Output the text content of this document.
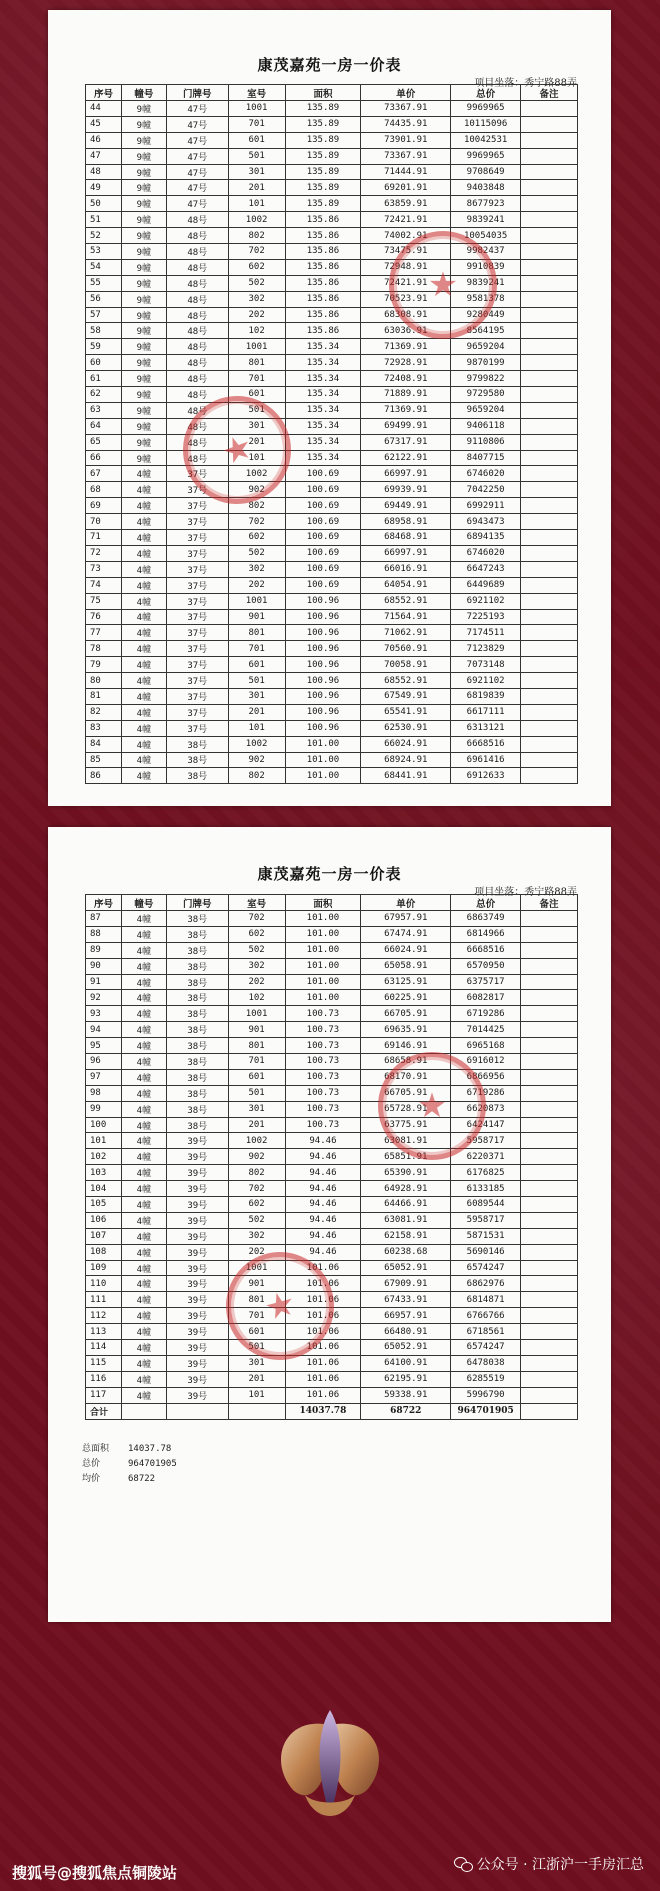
康茂嘉苑一房一价表
项目坐落：秀宁路88弄
序号	幢号	门牌号	室号	面积	单价	总价	备注
44	9幢	47号	1001	135.89	73367.91	9969965	
45	9幢	47号	701	135.89	74435.91	10115096	
46	9幢	47号	601	135.89	73901.91	10042531	
47	9幢	47号	501	135.89	73367.91	9969965	
48	9幢	47号	301	135.89	71444.91	9708649	
49	9幢	47号	201	135.89	69201.91	9403848	
50	9幢	47号	101	135.89	63859.91	8677923	
51	9幢	48号	1002	135.86	72421.91	9839241	
52	9幢	48号	802	135.86	74002.91	10054035	
53	9幢	48号	702	135.86	73475.91	9982437	
54	9幢	48号	602	135.86	72948.91	9910839	
55	9幢	48号	502	135.86	72421.91	9839241	
56	9幢	48号	302	135.86	70523.91	9581378	
57	9幢	48号	202	135.86	68308.91	9280449	
58	9幢	48号	102	135.86	63036.91	8564195	
59	9幢	48号	1001	135.34	71369.91	9659204	
60	9幢	48号	801	135.34	72928.91	9870199	
61	9幢	48号	701	135.34	72408.91	9799822	
62	9幢	48号	601	135.34	71889.91	9729580	
63	9幢	48号	501	135.34	71369.91	9659204	
64	9幢	48号	301	135.34	69499.91	9406118	
65	9幢	48号	201	135.34	67317.91	9110806	
66	9幢	48号	101	135.34	62122.91	8407715	
67	4幢	37号	1002	100.69	66997.91	6746020	
68	4幢	37号	902	100.69	69939.91	7042250	
69	4幢	37号	802	100.69	69449.91	6992911	
70	4幢	37号	702	100.69	68958.91	6943473	
71	4幢	37号	602	100.69	68468.91	6894135	
72	4幢	37号	502	100.69	66997.91	6746020	
73	4幢	37号	302	100.69	66016.91	6647243	
74	4幢	37号	202	100.69	64054.91	6449689	
75	4幢	37号	1001	100.96	68552.91	6921102	
76	4幢	37号	901	100.96	71564.91	7225193	
77	4幢	37号	801	100.96	71062.91	7174511	
78	4幢	37号	701	100.96	70560.91	7123829	
79	4幢	37号	601	100.96	70058.91	7073148	
80	4幢	37号	501	100.96	68552.91	6921102	
81	4幢	37号	301	100.96	67549.91	6819839	
82	4幢	37号	201	100.96	65541.91	6617111	
83	4幢	37号	101	100.96	62530.91	6313121	
84	4幢	38号	1002	101.00	66024.91	6668516	
85	4幢	38号	902	101.00	68924.91	6961416	
86	4幢	38号	802	101.00	68441.91	6912633	
★
★
康茂嘉苑一房一价表
项目坐落：秀宁路88弄
序号	幢号	门牌号	室号	面积	单价	总价	备注
87	4幢	38号	702	101.00	67957.91	6863749	
88	4幢	38号	602	101.00	67474.91	6814966	
89	4幢	38号	502	101.00	66024.91	6668516	
90	4幢	38号	302	101.00	65058.91	6570950	
91	4幢	38号	202	101.00	63125.91	6375717	
92	4幢	38号	102	101.00	60225.91	6082817	
93	4幢	38号	1001	100.73	66705.91	6719286	
94	4幢	38号	901	100.73	69635.91	7014425	
95	4幢	38号	801	100.73	69146.91	6965168	
96	4幢	38号	701	100.73	68658.91	6916012	
97	4幢	38号	601	100.73	68170.91	6866956	
98	4幢	38号	501	100.73	66705.91	6719286	
99	4幢	38号	301	100.73	65728.91	6620873	
100	4幢	38号	201	100.73	63775.91	6424147	
101	4幢	39号	1002	94.46	63081.91	5958717	
102	4幢	39号	902	94.46	65851.91	6220371	
103	4幢	39号	802	94.46	65390.91	6176825	
104	4幢	39号	702	94.46	64928.91	6133185	
105	4幢	39号	602	94.46	64466.91	6089544	
106	4幢	39号	502	94.46	63081.91	5958717	
107	4幢	39号	302	94.46	62158.91	5871531	
108	4幢	39号	202	94.46	60238.68	5690146	
109	4幢	39号	1001	101.06	65052.91	6574247	
110	4幢	39号	901	101.06	67909.91	6862976	
111	4幢	39号	801	101.06	67433.91	6814871	
112	4幢	39号	701	101.06	66957.91	6766766	
113	4幢	39号	601	101.06	66480.91	6718561	
114	4幢	39号	501	101.06	65052.91	6574247	
115	4幢	39号	301	101.06	64100.91	6478038	
116	4幢	39号	201	101.06	62195.91	6285519	
117	4幢	39号	101	101.06	59338.91	5996790	
合计				14037.78	68722	964701905	
★
★
总面积 14037.78
总价	964701905
均价	68722
搜狐号@搜狐焦点铜陵站	公众号 · 江浙沪一手房汇总
